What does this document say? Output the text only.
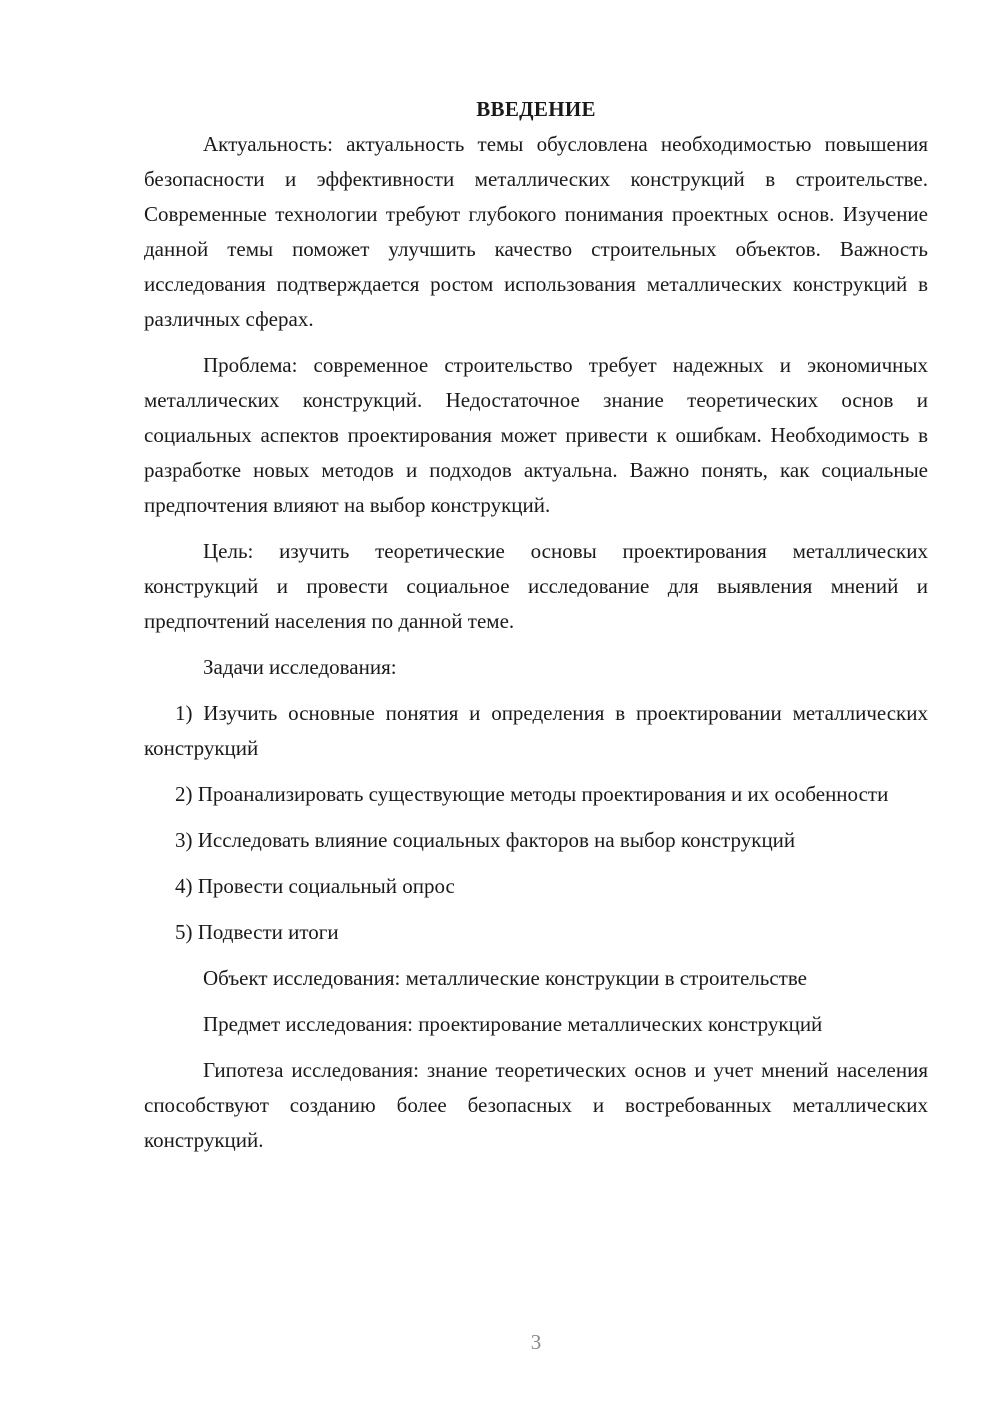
ВВЕДЕНИЕ

Актуальность: актуальность темы обусловлена необходимостью повышения безопасности и эффективности металлических конструкций в строительстве. Современные технологии требуют глубокого понимания проектных основ. Изучение данной темы поможет улучшить качество строительных объектов. Важность исследования подтверждается ростом использования металлических конструкций в различных сферах.

Проблема: современное строительство требует надежных и экономичных металлических конструкций. Недостаточное знание теоретических основ и социальных аспектов проектирования может привести к ошибкам. Необходимость в разработке новых методов и подходов актуальна. Важно понять, как социальные предпочтения влияют на выбор конструкций.

Цель: изучить теоретические основы проектирования металлических конструкций и провести социальное исследование для выявления мнений и предпочтений населения по данной теме.

Задачи исследования:

1) Изучить основные понятия и определения в проектировании металлических конструкций

2) Проанализировать существующие методы проектирования и их особенности

3) Исследовать влияние социальных факторов на выбор конструкций

4) Провести социальный опрос

5) Подвести итоги

Объект исследования: металлические конструкции в строительстве

Предмет исследования: проектирование металлических конструкций

Гипотеза исследования: знание теоретических основ и учет мнений населения способствуют созданию более безопасных и востребованных металлических конструкций.

3
